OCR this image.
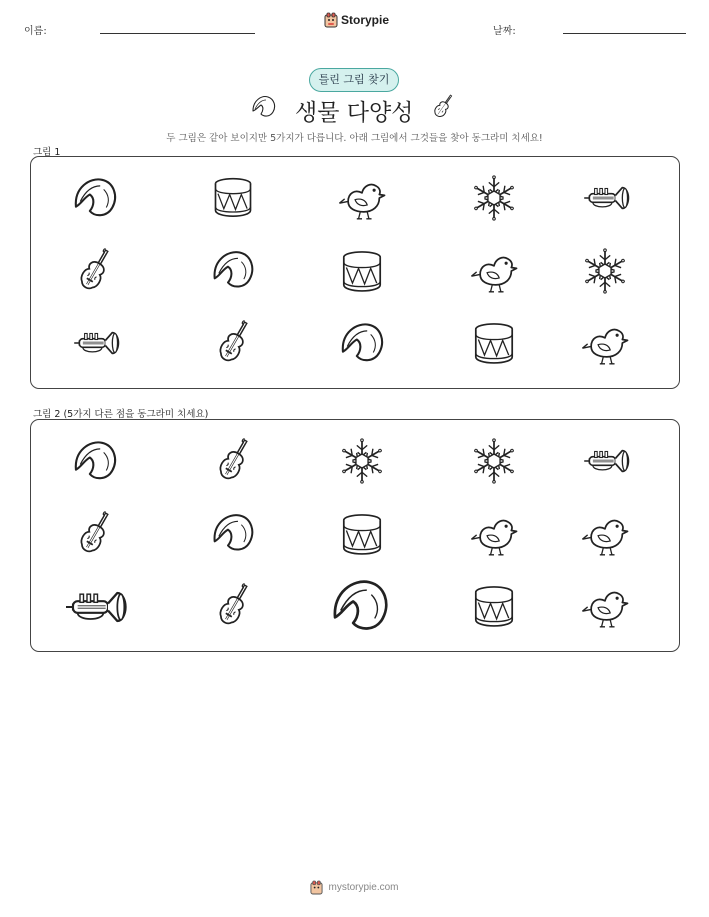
이름:
Storypie
날짜:
틀린 그림 찾기
생물 다양성
두 그림은 같아 보이지만 5가지가 다릅니다. 아래 그림에서 그것들을 찾아 동그라미 치세요!
그림 1
그림 2 (5가지 다른 점을 동그라미 치세요)
mystorypie.com
